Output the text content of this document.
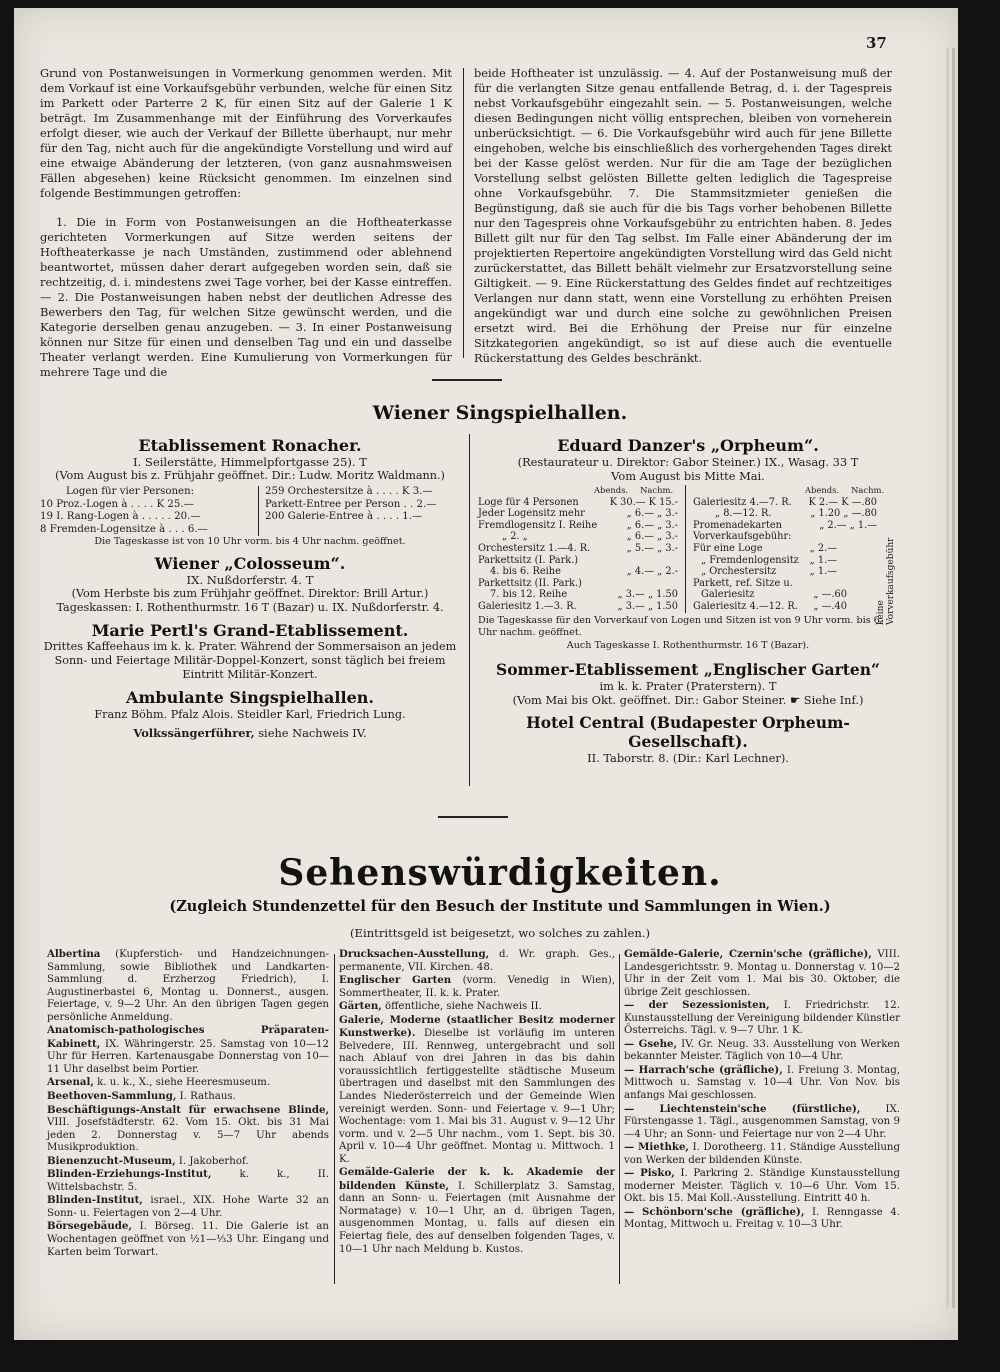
37

Grund von Postanweisungen in Vormerkung genommen werden. Mit dem Vorkauf ist eine Vorkaufsgebühr verbunden, welche für einen Sitz im Parkett oder Parterre 2 K, für einen Sitz auf der Galerie 1 K beträgt. Im Zusammenhange mit der Einführung des Vorverkaufes erfolgt dieser, wie auch der Verkauf der Billette überhaupt, nur mehr für den Tag, nicht auch für die angekündigte Vorstellung und wird auf eine etwaige Abänderung der letzteren, (von ganz ausnahmsweisen Fällen abgesehen) keine Rücksicht genommen. Im einzelnen sind folgende Bestimmungen getroffen:

1. Die in Form von Postanweisungen an die Hoftheaterkasse gerichteten Vormerkungen auf Sitze werden seitens der Hoftheaterkasse je nach Umständen, zustimmend oder ablehnend beantwortet, müssen daher derart aufgegeben worden sein, daß sie rechtzeitig, d. i. mindestens zwei Tage vorher, bei der Kasse eintreffen. — 2. Die Postanweisungen haben nebst der deutlichen Adresse des Bewerbers den Tag, für welchen Sitze gewünscht werden, und die Kategorie derselben genau anzugeben. — 3. In einer Postanweisung können nur Sitze für einen und denselben Tag und ein und dasselbe Theater verlangt werden. Eine Kumulierung von Vormerkungen für mehrere Tage und die

beide Hoftheater ist unzulässig. — 4. Auf der Postanweisung muß der für die verlangten Sitze genau entfallende Betrag, d. i. der Tagespreis nebst Vorkaufsgebühr eingezahlt sein. — 5. Postanweisungen, welche diesen Bedingungen nicht völlig entsprechen, bleiben von vorneherein unberücksichtigt. — 6. Die Vorkaufsgebühr wird auch für jene Billette eingehoben, welche bis einschließlich des vorhergehenden Tages direkt bei der Kasse gelöst werden. Nur für die am Tage der bezüglichen Vorstellung selbst gelösten Billette gelten lediglich die Tagespreise ohne Vorkaufsgebühr. 7. Die Stammsitzmieter genießen die Begünstigung, daß sie auch für die bis Tags vorher behobenen Billette nur den Tagespreis ohne Vorkaufsgebühr zu entrichten haben. 8. Jedes Billett gilt nur für den Tag selbst. Im Falle einer Abänderung der im projektierten Repertoire angekündigten Vorstellung wird das Geld nicht zurückerstattet, das Billett behält vielmehr zur Ersatzvorstellung seine Giltigkeit. — 9. Eine Rückerstattung des Geldes findet auf rechtzeitiges Verlangen nur dann statt, wenn eine Vorstellung zu erhöhten Preisen angekündigt war und durch eine solche zu gewöhnlichen Preisen ersetzt wird. Bei die Erhöhung der Preise nur für einzelne Sitzkategorien angekündigt, so ist auf diese auch die eventuelle Rückerstattung des Geldes beschränkt.
Wiener Singspielhallen.
Etablissement Ronacher.
I. Seilerstätte, Himmelpfortgasse 25). T
(Vom August bis z. Frühjahr geöffnet. Dir.: Ludw. Moritz Waldmann.)
Logen für vier Personen:
10 Proz.-Logen à . . . . K 25.—
19 I. Rang-Logen à . . . . . 20.—
8 Fremden-Logensitze à . . . 6.—
259 Orchestersitze à . . . . K 3.—
Parkett-Entree per Person . . 2.—
200 Galerie-Entree à . . . . 1.—
Die Tageskasse ist von 10 Uhr vorm. bis 4 Uhr nachm. geöffnet.
Wiener „Colosseum“.
IX. Nußdorferstr. 4. T
(Vom Herbste bis zum Frühjahr geöffnet. Direktor: Brill Artur.)
Tageskassen: I. Rothenthurmstr. 16 T (Bazar) u. IX. Nußdorferstr. 4.
Marie Pertl's Grand-Etablissement.
Drittes Kaffeehaus im k. k. Prater. Während der Sommersaison an jedem Sonn- und Feiertage Militär-Doppel-Konzert, sonst täglich bei freiem Eintritt Militär-Konzert.
Ambulante Singspielhallen.
Franz Böhm. Pfalz Alois. Steidler Karl, Friedrich Lung.
Volkssängerführer, siehe Nachweis IV.
Eduard Danzer's „Orpheum“.
(Restaurateur u. Direktor: Gabor Steiner.) IX., Wasag. 33 T
Vom August bis Mitte Mai.
Abends. Nachm.
Loge für 4 Personen	K 30.— K 15.-
Jeder Logensitz mehr	„ 6.— „ 3.-
Fremdlogensitz I. Reihe	„ 6.— „ 3.-
„ 2. „	„ 6.— „ 3.-
Orchestersitz 1.—4. R.	„ 5.— „ 3.-
Parkettsitz (I. Park.)
4. bis 6. Reihe	„ 4.— „ 2.-
Parkettsitz (II. Park.)
7. bis 12. Reihe	„ 3.— „ 1.50
Galeriesitz 1.—3. R.	„ 3.— „ 1.50
Abends. Nachm.
Galeriesitz 4.—7. R. K 2.— K —.80
„ 8.—12. R.	„ 1.20 „ —.80
Promenadekarten	„ 2.— „ 1.—
Vorverkaufsgebühr:
Für eine Loge	„ 2.—
„ Fremdenlogensitz „ 1.—
„ Orchestersitz	„ 1.—
Parkett, ref. Sitze u.
Galeriesitz	„ —.60
Galeriesitz 4.—12. R. „ —.40	keine Vorverkaufsgebühr
Die Tageskasse für den Vorverkauf von Logen und Sitzen ist von 9 Uhr vorm. bis 6 Uhr nachm. geöffnet.
Auch Tageskasse I. Rothenthurmstr. 16 T (Bazar).
Sommer-Etablissement „Englischer Garten“
im k. k. Prater (Praterstern). T
(Vom Mai bis Okt. geöffnet. Dir.: Gabor Steiner. ☛ Siehe Inf.)
Hotel Central (Budapester Orpheum-Gesellschaft).
II. Taborstr. 8. (Dir.: Karl Lechner).
Sehenswürdigkeiten.
(Zugleich Stundenzettel für den Besuch der Institute und Sammlungen in Wien.)
(Eintrittsgeld ist beigesetzt, wo solches zu zahlen.)

Albertina (Kupferstich- und Handzeichnungen-Sammlung, sowie Bibliothek und Landkarten-Sammlung d. Erzherzog Friedrich), I. Augustinerbastei 6, Montag u. Donnerst., ausgen. Feiertage, v. 9—2 Uhr. An den übrigen Tagen gegen persönliche Anmeldung.

Anatomisch-pathologisches Präparaten-Kabinett, IX. Währingerstr. 25. Samstag von 10—12 Uhr für Herren. Kartenausgabe Donnerstag von 10—11 Uhr daselbst beim Portier.

Arsenal, k. u. k., X., siehe Heeresmuseum.

Beethoven-Sammlung, I. Rathaus.

Beschäftigungs-Anstalt für erwachsene Blinde, VIII. Josefstädterstr. 62. Vom 15. Okt. bis 31 Mai jeden 2. Donnerstag v. 5—7 Uhr abends Musikproduktion.

Bienenzucht-Museum, I. Jakoberhof.

Blinden-Erziehungs-Institut, k. k., II. Wittelsbachstr. 5.

Blinden-Institut, israel., XIX. Hohe Warte 32 an Sonn- u. Feiertagen von 2—4 Uhr.

Börsegebäude, I. Börseg. 11. Die Galerie ist an Wochentagen geöffnet von ½1—⅓3 Uhr. Eingang und Karten beim Torwart.

Drucksachen-Ausstellung, d. Wr. graph. Ges., permanente, VII. Kirchen. 48.

Englischer Garten (vorm. Venedig in Wien), Sommertheater, II. k. k. Prater.

Gärten, öffentliche, siehe Nachweis II.

Galerie, Moderne (staatlicher Besitz moderner Kunstwerke). Dieselbe ist vorläufig im unteren Belvedere, III. Rennweg, untergebracht und soll nach Ablauf von drei Jahren in das bis dahin voraussichtlich fertiggestellte städtische Museum übertragen und daselbst mit den Sammlungen des Landes Niederösterreich und der Gemeinde Wien vereinigt werden. Sonn- und Feiertage v. 9—1 Uhr; Wochentage: vom 1. Mai bis 31. August v. 9—12 Uhr vorm. und v. 2—5 Uhr nachm., vom 1. Sept. bis 30. April v. 10—4 Uhr geöffnet. Montag u. Mittwoch. 1 K.

Gemälde-Galerie der k. k. Akademie der bildenden Künste, I. Schillerplatz 3. Samstag, dann an Sonn- u. Feiertagen (mit Ausnahme der Normatage) v. 10—1 Uhr, an d. übrigen Tagen, ausgenommen Montag, u. falls auf diesen ein Feiertag fiele, des auf denselben folgenden Tages, v. 10—1 Uhr nach Meldung b. Kustos.

Gemälde-Galerie, Czernin'sche (gräfliche), VIII. Landesgerichtsstr. 9. Montag u. Donnerstag v. 10—2 Uhr in der Zeit vom 1. Mai bis 30. Oktober, die übrige Zeit geschlossen.

— der Sezessionisten, I. Friedrichstr. 12. Kunstausstellung der Vereinigung bildender Künstler Österreichs. Tägl. v. 9—7 Uhr. 1 K.

— Gsehe, IV. Gr. Neug. 33. Ausstellung von Werken bekannter Meister. Täglich von 10—4 Uhr.

— Harrach'sche (gräfliche), I. Freiung 3. Montag, Mittwoch u. Samstag v. 10—4 Uhr. Von Nov. bis anfangs Mai geschlossen.

— Liechtenstein'sche (fürstliche), IX. Fürstengasse 1. Tägl., ausgenommen Samstag, von 9—4 Uhr; an Sonn- und Feiertage nur von 2—4 Uhr.

— Miethke, I. Dorotheerg. 11. Ständige Ausstellung von Werken der bildenden Künste.

— Pisko, I. Parkring 2. Ständige Kunstausstellung moderner Meister. Täglich v. 10—6 Uhr. Vom 15. Okt. bis 15. Mai Koll.-Ausstellung. Eintritt 40 h.

— Schönborn'sche (gräfliche), I. Renngasse 4. Montag, Mittwoch u. Freitag v. 10—3 Uhr.
